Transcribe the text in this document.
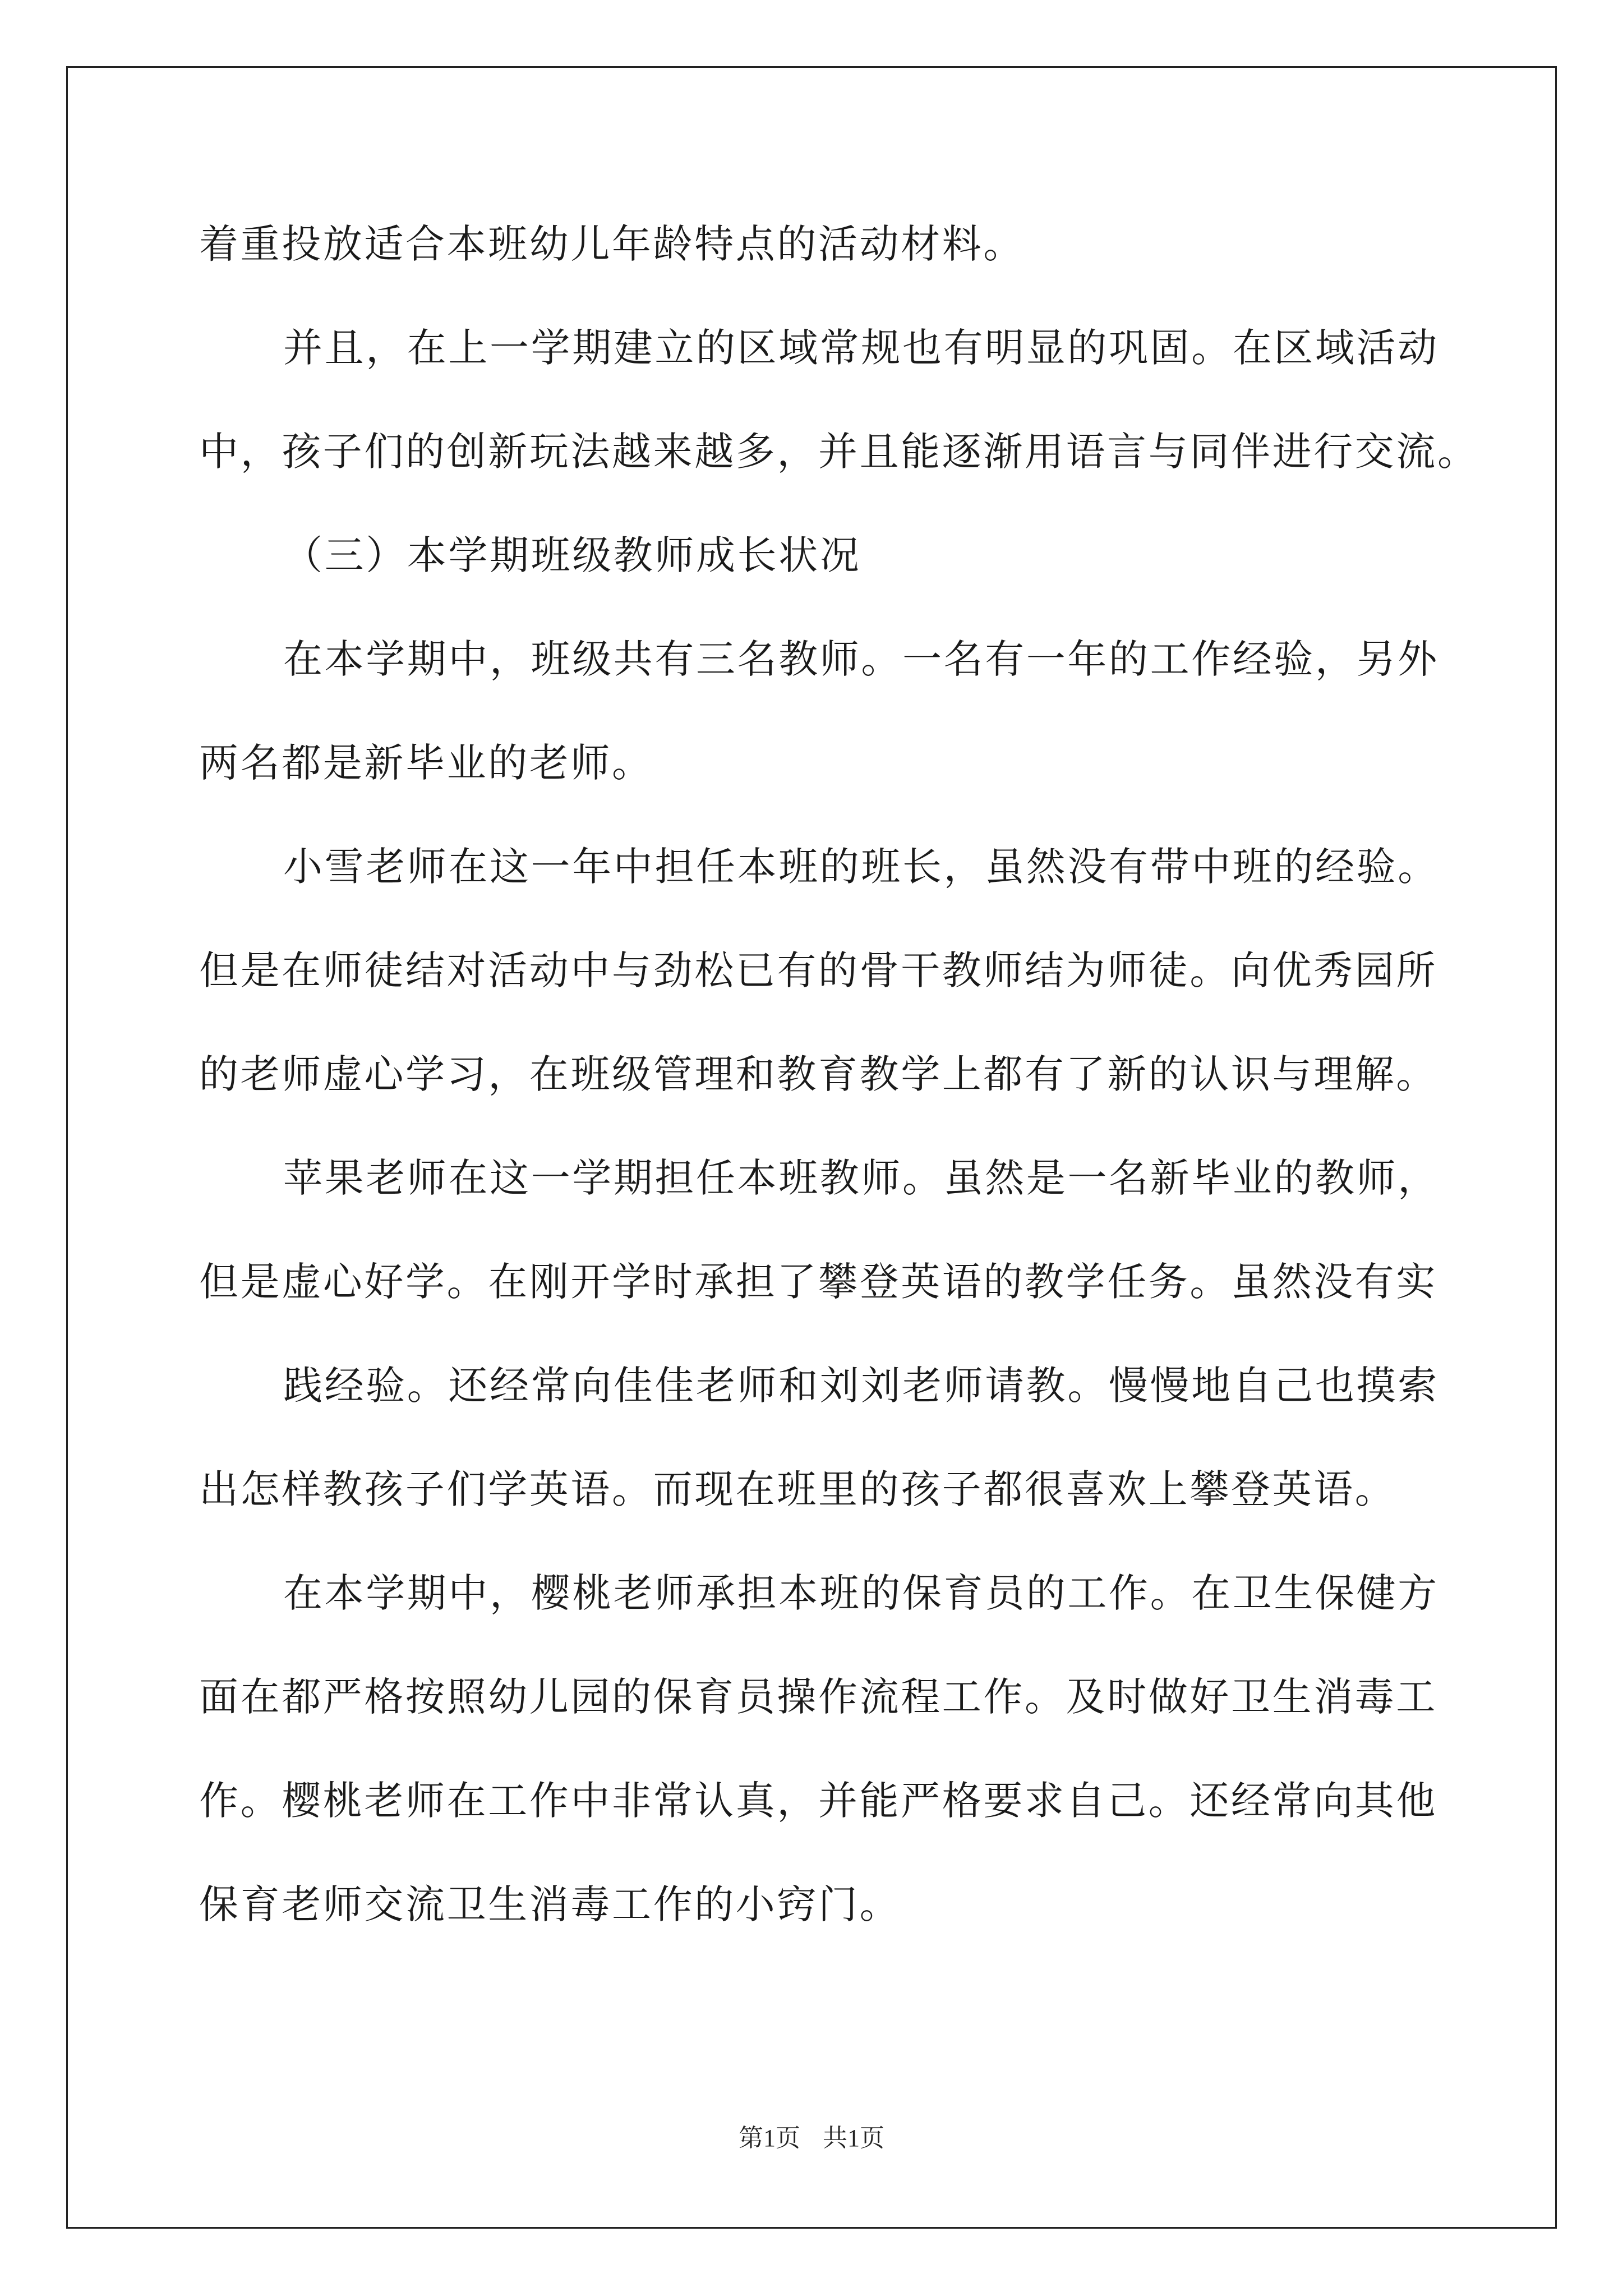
着重投放适合本班幼儿年龄特点的活动材料。
并且，在上一学期建立的区域常规也有明显的巩固。在区域活动
中，孩子们的创新玩法越来越多，并且能逐渐用语言与同伴进行交流。
（三）本学期班级教师成长状况
在本学期中，班级共有三名教师。一名有一年的工作经验，另外
两名都是新毕业的老师。
小雪老师在这一年中担任本班的班长，虽然没有带中班的经验。
但是在师徒结对活动中与劲松已有的骨干教师结为师徒。向优秀园所
的老师虚心学习，在班级管理和教育教学上都有了新的认识与理解。
苹果老师在这一学期担任本班教师。虽然是一名新毕业的教师，
但是虚心好学。在刚开学时承担了攀登英语的教学任务。虽然没有实
践经验。还经常向佳佳老师和刘刘老师请教。慢慢地自己也摸索
出怎样教孩子们学英语。而现在班里的孩子都很喜欢上攀登英语。
在本学期中，樱桃老师承担本班的保育员的工作。在卫生保健方
面在都严格按照幼儿园的保育员操作流程工作。及时做好卫生消毒工
作。樱桃老师在工作中非常认真，并能严格要求自己。还经常向其他
保育老师交流卫生消毒工作的小窍门。
第1页 共1页
